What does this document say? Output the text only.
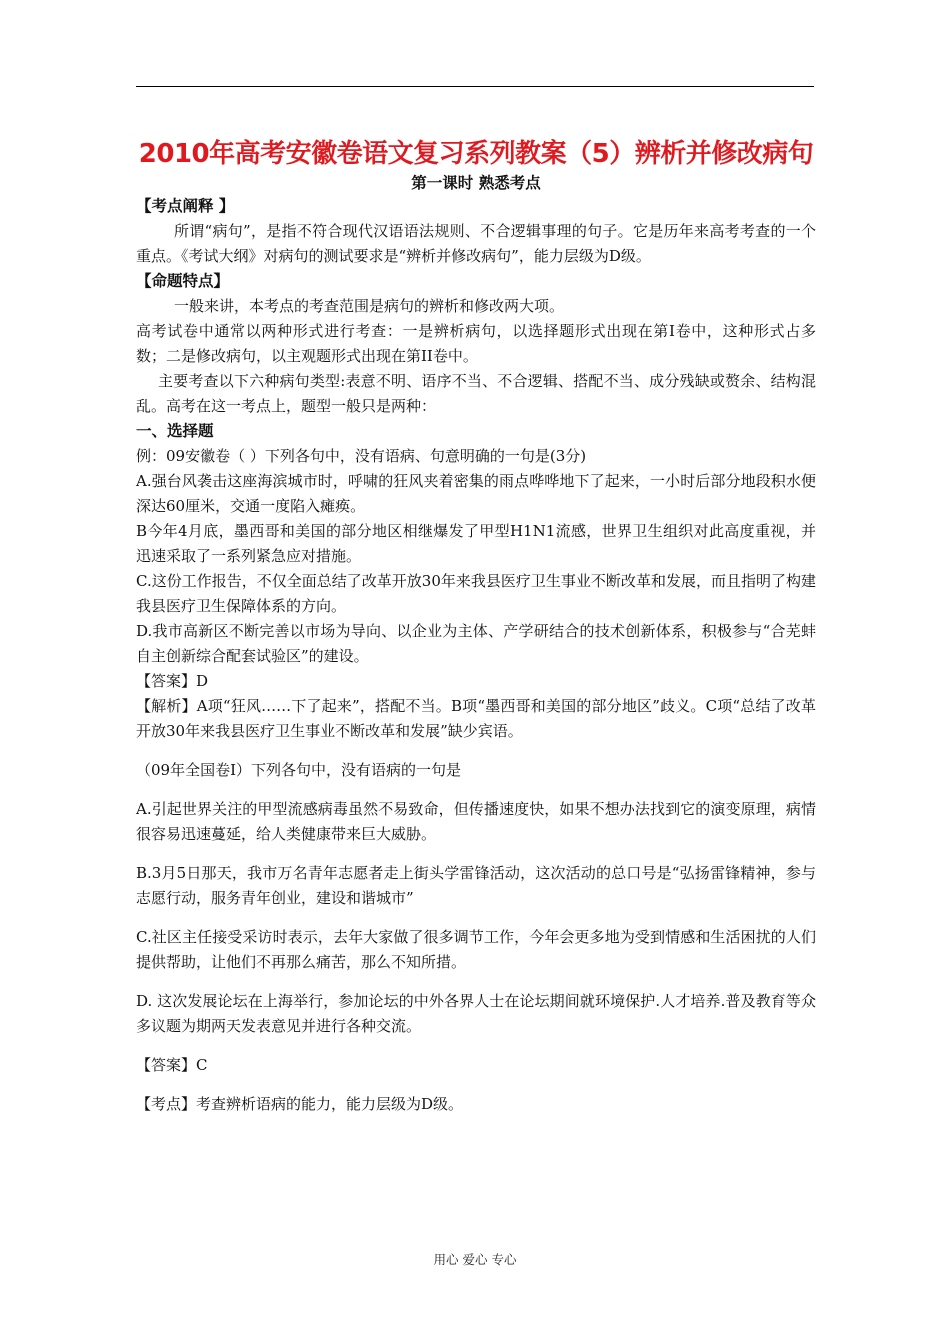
2010年高考安徽卷语文复习系列教案（5）辨析并修改病句
第一课时 熟悉考点
【考点阐释 】

所谓“病句”，是指不符合现代汉语语法规则、不合逻辑事理的句子。它是历年来高考考查的一个重点。《考试大纲》对病句的测试要求是“辨析并修改病句”，能力层级为D级。

【命题特点】

一般来讲，本考点的考查范围是病句的辨析和修改两大项。

高考试卷中通常以两种形式进行考查：一是辨析病句，以选择题形式出现在第Ⅰ卷中，这种形式占多数；二是修改病句，以主观题形式出现在第II卷中。

主要考查以下六种病句类型:表意不明、语序不当、不合逻辑、搭配不当、成分残缺或赘余、结构混乱。高考在这一考点上，题型一般只是两种：

一、选择题

例：09安徽卷（ ）下列各句中，没有语病、句意明确的一句是(3分)

A.强台风袭击这座海滨城市时，呼啸的狂风夹着密集的雨点哗哗地下了起来，一小时后部分地段积水便深达60厘米，交通一度陷入瘫痪。

B今年4月底，墨西哥和美国的部分地区相继爆发了甲型H1N1流感，世界卫生组织对此高度重视，并迅速采取了一系列紧急应对措施。

C.这份工作报告，不仅全面总结了改革开放30年来我县医疗卫生事业不断改革和发展，而且指明了构建我县医疗卫生保障体系的方向。

D.我市高新区不断完善以市场为导向、以企业为主体、产学研结合的技术创新体系，积极参与“合芜蚌自主创新综合配套试验区”的建设。

【答案】D

【解析】A项“狂风……下了起来”，搭配不当。B项“墨西哥和美国的部分地区”歧义。C项“总结了改革开放30年来我县医疗卫生事业不断改革和发展”缺少宾语。

（09年全国卷Ⅰ）下列各句中，没有语病的一句是

A.引起世界关注的甲型流感病毒虽然不易致命，但传播速度快，如果不想办法找到它的演变原理，病情很容易迅速蔓延，给人类健康带来巨大威胁。

B.3月5日那天，我市万名青年志愿者走上街头学雷锋活动，这次活动的总口号是“弘扬雷锋精神，参与志愿行动，服务青年创业，建设和谐城市”

C.社区主任接受采访时表示，去年大家做了很多调节工作，今年会更多地为受到情感和生活困扰的人们提供帮助，让他们不再那么痛苦，那么不知所措。

D. 这次发展论坛在上海举行，参加论坛的中外各界人士在论坛期间就环境保护.人才培养.普及教育等众多议题为期两天发表意见并进行各种交流。

【答案】C

【考点】考查辨析语病的能力，能力层级为D级。

用心 爱心 专心
